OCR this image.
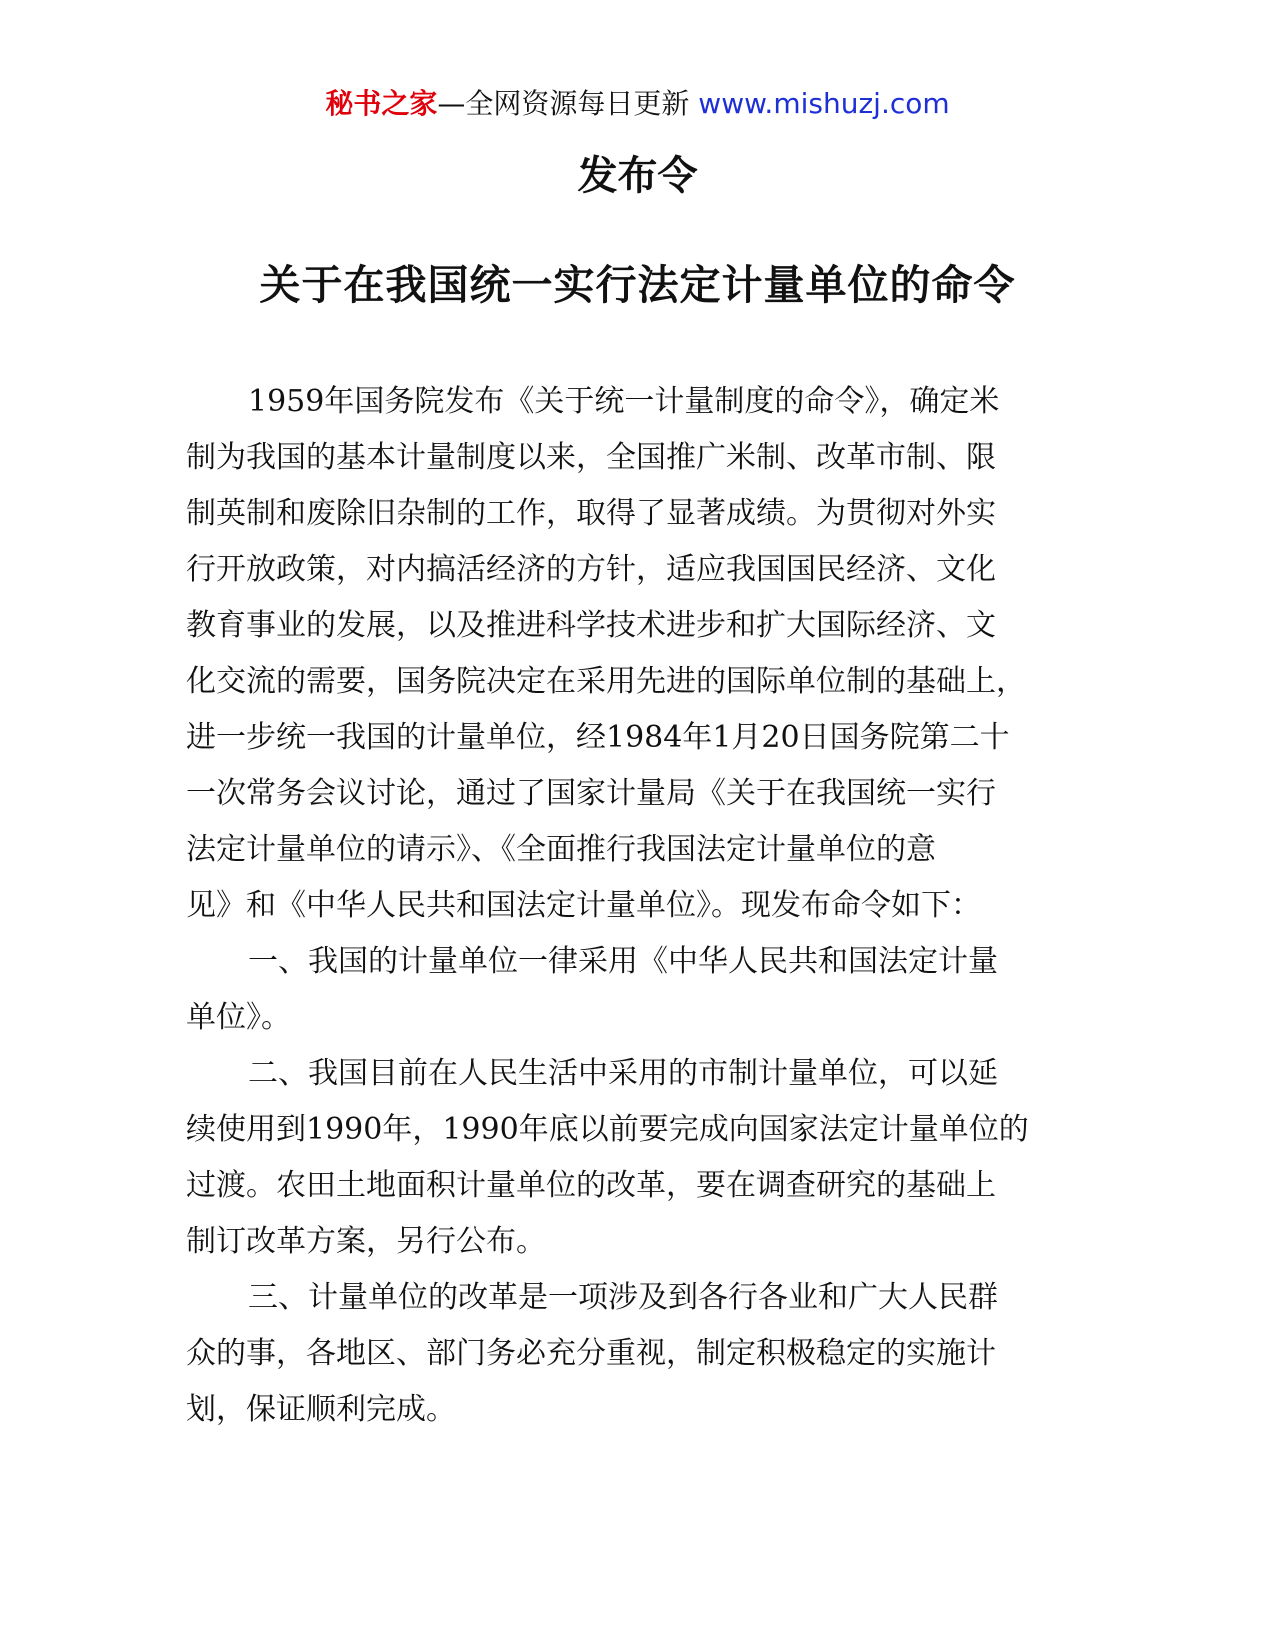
秘书之家—全网资源每日更新 www.mishuzj.com
发布令
关于在我国统一实行法定计量单位的命令
1959年国务院发布《关于统一计量制度的命令》，确定米
制为我国的基本计量制度以来，全国推广米制、改革市制、限
制英制和废除旧杂制的工作，取得了显著成绩。为贯彻对外实
行开放政策，对内搞活经济的方针，适应我国国民经济、文化
教育事业的发展，以及推进科学技术进步和扩大国际经济、文
化交流的需要，国务院决定在采用先进的国际单位制的基础上，
进一步统一我国的计量单位，经1984年1月20日国务院第二十
一次常务会议讨论，通过了国家计量局《关于在我国统一实行
法定计量单位的请示》、《全面推行我国法定计量单位的意
见》和《中华人民共和国法定计量单位》。现发布命令如下：
一、我国的计量单位一律采用《中华人民共和国法定计量
单位》。
二、我国目前在人民生活中采用的市制计量单位，可以延
续使用到1990年，1990年底以前要完成向国家法定计量单位的
过渡。农田土地面积计量单位的改革，要在调查研究的基础上
制订改革方案，另行公布。
三、计量单位的改革是一项涉及到各行各业和广大人民群
众的事，各地区、部门务必充分重视，制定积极稳定的实施计
划，保证顺利完成。
